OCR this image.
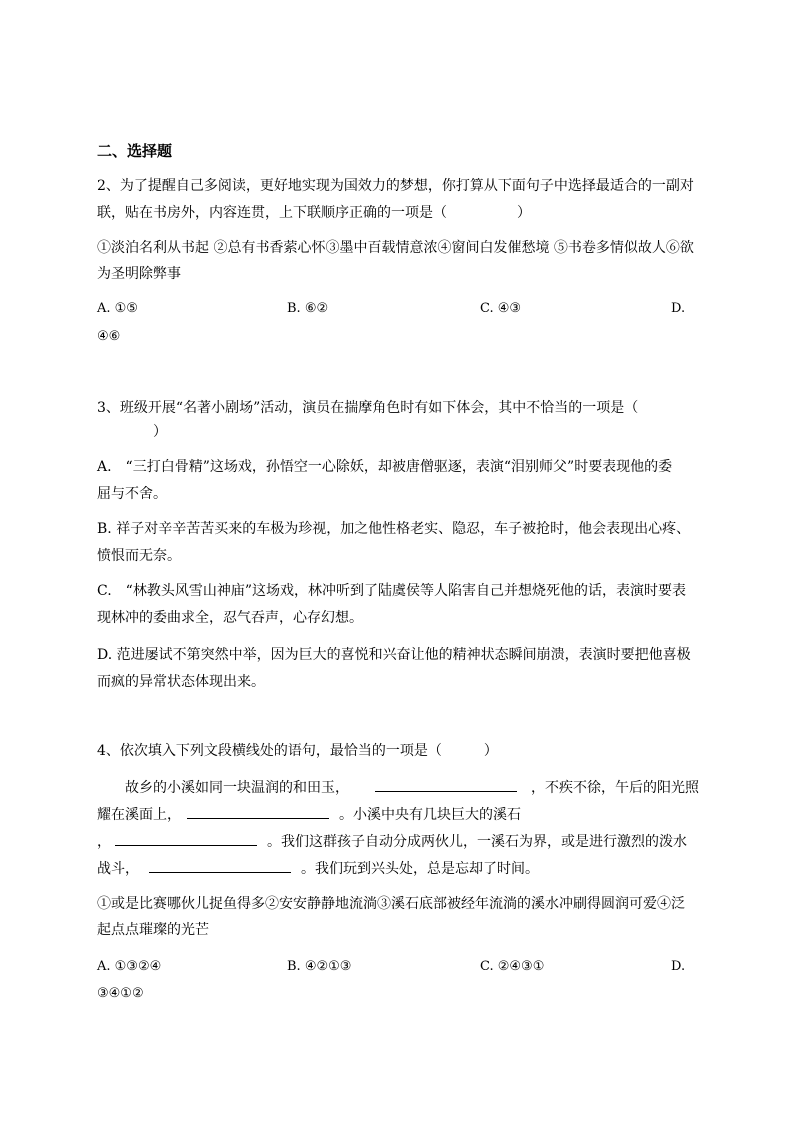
二、选择题
2、为了提醒自己多阅读，更好地实现为国效力的梦想，你打算从下面句子中选择最适合的一副对
联，贴在书房外，内容连贯，上下联顺序正确的一项是（　　　　　）
①淡泊名利从书起 ②总有书香萦心怀③墨中百载情意浓④窗间白发催愁境 ⑤书卷多情似故人⑥欲
为圣明除弊事
A. ①⑤	B. ⑥②	C. ④③	D.
④⑥
3、班级开展“名著小剧场”活动，演员在揣摩角色时有如下体会，其中不恰当的一项是（
　　　　）
A.　“三打白骨精”这场戏，孙悟空一心除妖，却被唐僧驱逐，表演“泪别师父”时要表现他的委
屈与不舍。
B. 祥子对辛辛苦苦买来的车极为珍视，加之他性格老实、隐忍，车子被抢时，他会表现出心疼、
愤恨而无奈。
C.　“林教头风雪山神庙”这场戏，林冲听到了陆虞侯等人陷害自己并想烧死他的话，表演时要表
现林冲的委曲求全，忍气吞声，心存幻想。
D. 范进屡试不第突然中举，因为巨大的喜悦和兴奋让他的精神状态瞬间崩溃，表演时要把他喜极
而疯的异常状态体现出来。
4、依次填入下列文段横线处的语句，最恰当的一项是（　　　）
故乡的小溪如同一块温润的和田玉，	，不疾不徐，午后的阳光照
耀在溪面上，	。小溪中央有几块巨大的溪石
，	。我们这群孩子自动分成两伙儿，一溪石为界，或是进行激烈的泼水
战斗，	。我们玩到兴头处，总是忘却了时间。
①或是比赛哪伙儿捉鱼得多②安安静静地流淌③溪石底部被经年流淌的溪水冲刷得圆润可爱④泛
起点点璀璨的光芒
A. ①③②④	B. ④②①③	C. ②④③①	D.
③④①②
